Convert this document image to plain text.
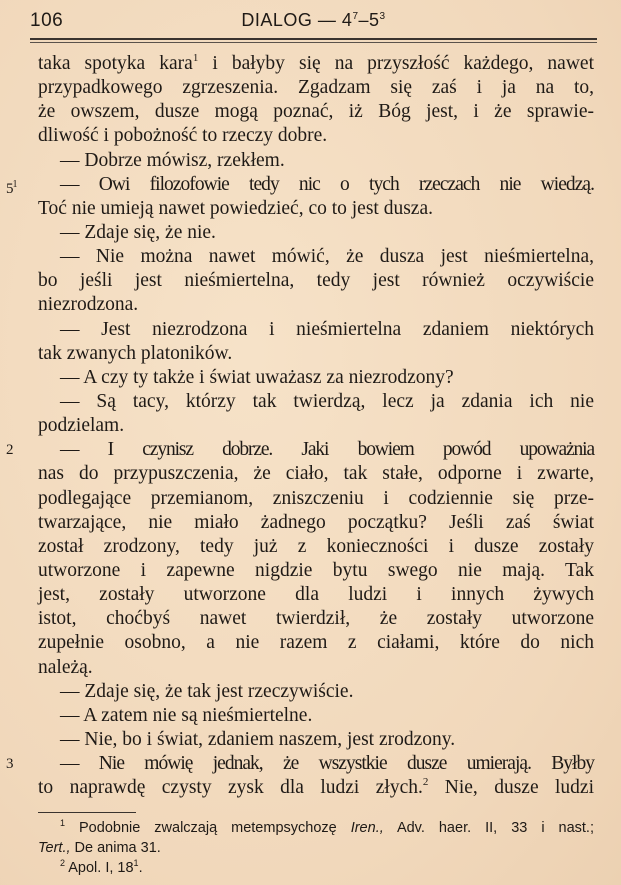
106	DIALOG — $4^7-5^3$
taka spotyka kara$^1$ i bałyby się na przyszłość każdego, nawet
przypadkowego zgrzeszenia. Zgadzam się zaś i ja na to,
że owszem, dusze mogą poznać, iż Bóg jest, i że sprawie-
dliwość i pobożność to rzeczy dobre.
— Dobrze mówisz, rzekłem.
$5^1$ — Owi filozofowie tedy nic o tych rzeczach nie wiedzą.
Toć nie umieją nawet powiedzieć, co to jest dusza.
— Zdaje się, że nie.
— Nie można nawet mówić, że dusza jest nieśmiertelna,
bo jeśli jest nieśmiertelna, tedy jest również oczywiście
niezrodzona.
— Jest niezrodzona i nieśmiertelna zdaniem niektórych
tak zwanych platoników.
— A czy ty także i świat uważasz za niezrodzony?
— Są tacy, którzy tak twierdzą, lecz ja zdania ich nie
podzielam.
2 — I czynisz dobrze. Jaki bowiem powód upoważnia
nas do przypuszczenia, że ciało, tak stałe, odporne i zwarte,
podlegające przemianom, zniszczeniu i codziennie się prze-
twarzające, nie miało żadnego początku? Jeśli zaś świat
został zrodzony, tedy już z konieczności i dusze zostały
utworzone i zapewne nigdzie bytu swego nie mają. Tak
jest, zostały utworzone dla ludzi i innych żywych
istot, choćbyś nawet twierdził, że zostały utworzone
zupełnie osobno, a nie razem z ciałami, które do nich
należą.
— Zdaje się, że tak jest rzeczywiście.
— A zatem nie są nieśmiertelne.
— Nie, bo i świat, zdaniem naszem, jest zrodzony.
3 — Nie mówię jednak, że wszystkie dusze umierają. Byłby
to naprawdę czysty zysk dla ludzi złych.$^2$ Nie, dusze ludzi
$^1$ Podobnie zwalczają metempsychozę Iren., Adv. haer. II, 33 i nast.;
Tert., De anima 31.
$^2$ Apol. I, $18^1$.
